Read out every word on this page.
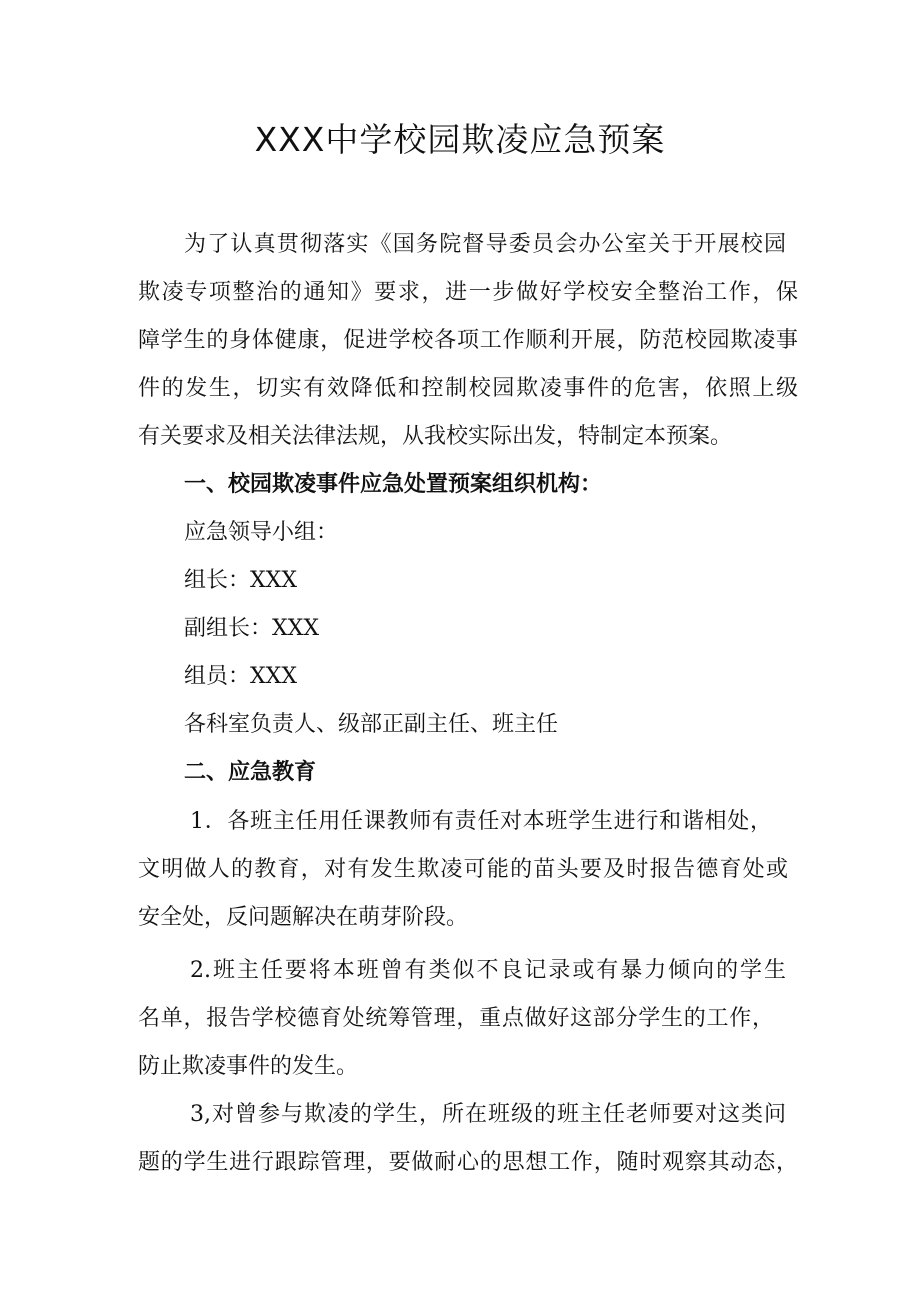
XXX中学校园欺凌应急预案

为了认真贯彻落实《国务院督导委员会办公室关于开展校园

欺凌专项整治的通知》要求，进一步做好学校安全整治工作，保

障学生的身体健康，促进学校各项工作顺利开展，防范校园欺凌事

件的发生，切实有效降低和控制校园欺凌事件的危害，依照上级

有关要求及相关法律法规，从我校实际出发，特制定本预案。

一、校园欺凌事件应急处置预案组织机构：

应急领导小组：

组长：XXX

副组长：XXX

组员：XXX

各科室负责人、级部正副主任、班主任

二、应急教育

1．各班主任用任课教师有责任对本班学生进行和谐相处，

文明做人的教育，对有发生欺凌可能的苗头要及时报告德育处或

安全处，反问题解决在萌芽阶段。

2.班主任要将本班曾有类似不良记录或有暴力倾向的学生

名单，报告学校德育处统筹管理，重点做好这部分学生的工作，

防止欺凌事件的发生。

3,对曾参与欺凌的学生，所在班级的班主任老师要对这类问

题的学生进行跟踪管理，要做耐心的思想工作，随时观察其动态，
